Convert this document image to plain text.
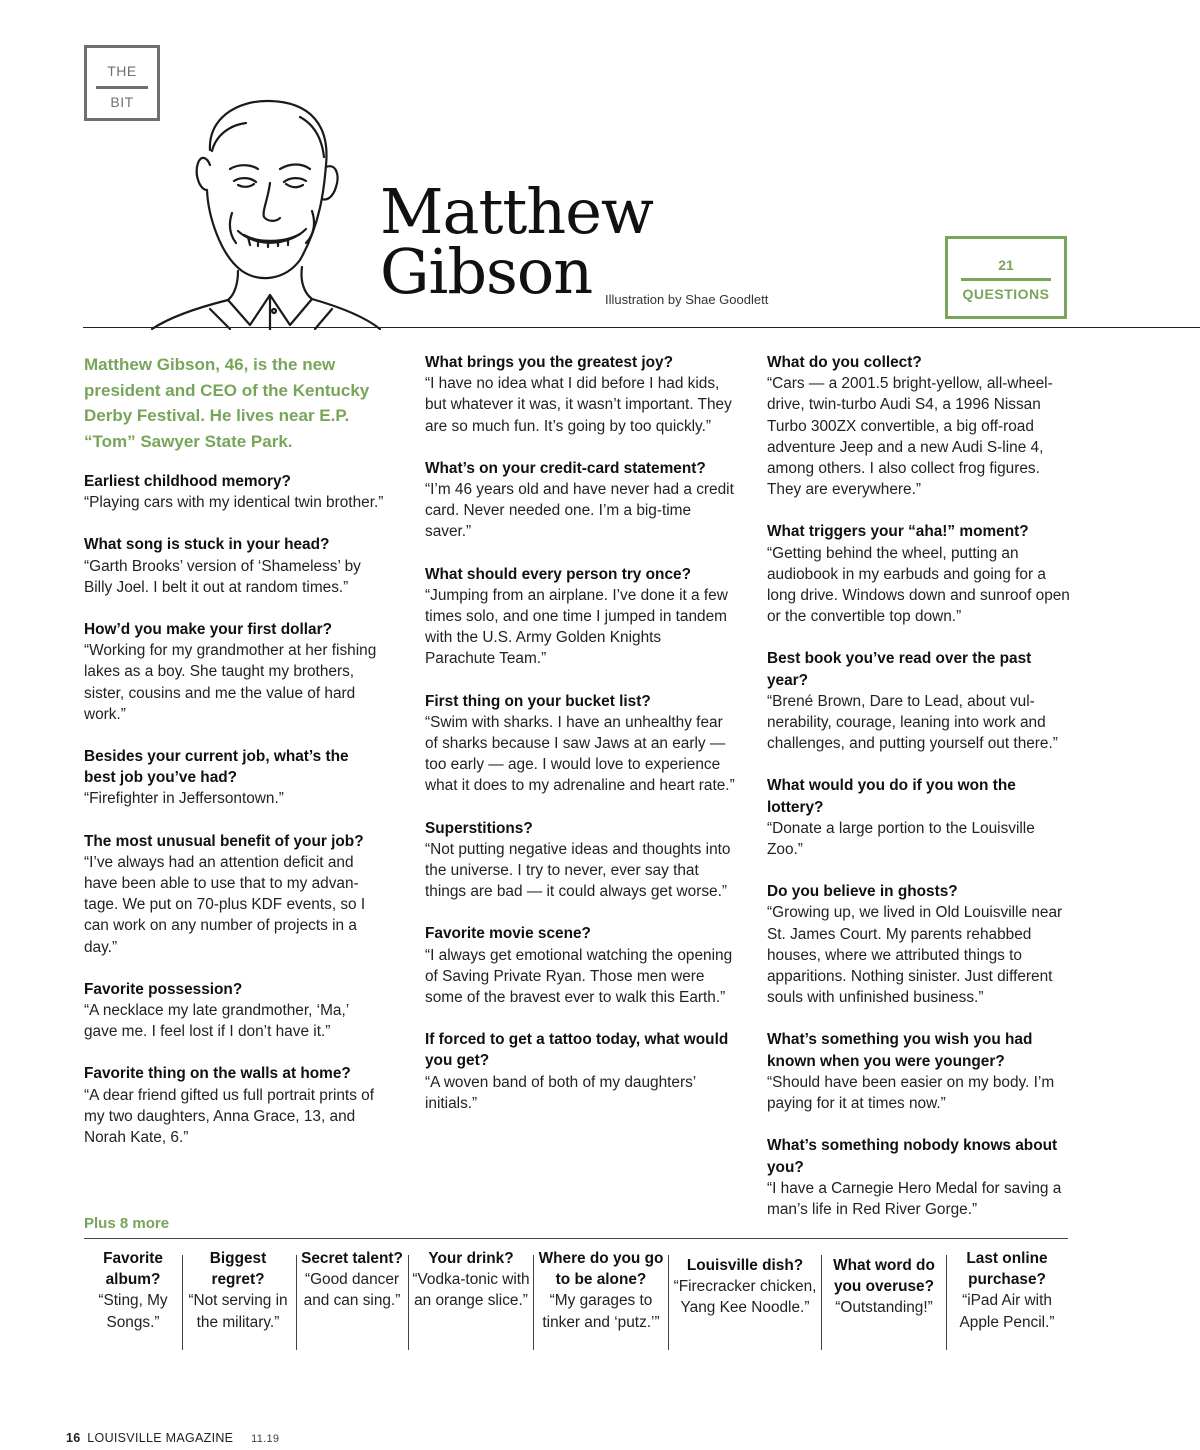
THE
BIT
Matthew
Gibson Illustration by Shae Goodlett
21
QUESTIONS

Matthew Gibson, 46, is the new president and CEO of the Kentucky Derby Festival. He lives near E.P. “Tom” Sawyer State Park.

Earliest childhood memory?
“Playing cars with my identical twin brother.”
What song is stuck in your head?
“Garth Brooks’ version of ‘Shameless’ by Billy Joel. I belt it out at random times.”
How’d you make your first dollar?
“Working for my grandmother at her fishing lakes as a boy. She taught my brothers, sister, cousins and me the value of hard work.”
Besides your current job, what’s the best job you’ve had?
“Firefighter in Jeffersontown.”
The most unusual benefit of your job?
“I’ve always had an attention deficit and have been able to use that to my advantage. We put on 70-plus KDF events, so I can work on any number of projects in a day.”
Favorite possession?
“A necklace my late grandmother, ‘Ma,’ gave me. I feel lost if I don’t have it.”
Favorite thing on the walls at home?
“A dear friend gifted us full portrait prints of my two daughters, Anna Grace, 13, and Norah Kate, 6.”
What brings you the greatest joy?
“I have no idea what I did before I had kids, but whatever it was, it wasn’t important. They are so much fun. It’s going by too quickly.”
What’s on your credit-card statement?
“I’m 46 years old and have never had a credit card. Never needed one. I’m a big-time saver.”
What should every person try once?
“Jumping from an airplane. I’ve done it a few times solo, and one time I jumped in tandem with the U.S. Army Golden Knights Parachute Team.”
First thing on your bucket list?
“Swim with sharks. I have an unhealthy fear of sharks because I saw Jaws at an early — too early — age. I would love to experience what it does to my adrenaline and heart rate.”
Superstitions?
“Not putting negative ideas and thoughts into the universe. I try to never, ever say that things are bad — it could always get worse.”
Favorite movie scene?
“I always get emotional watching the opening of Saving Private Ryan. Those men were some of the bravest ever to walk this Earth.”
If forced to get a tattoo today, what would you get?
“A woven band of both of my daughters’ initials.”
What do you collect?
“Cars — a 2001.5 bright-yellow, all-wheel-drive, twin-turbo Audi S4, a 1996 Nissan Turbo 300ZX convertible, a big off-road adventure Jeep and a new Audi S-line 4, among others. I also collect frog figures. They are everywhere.”
What triggers your “aha!” moment?
“Getting behind the wheel, putting an audiobook in my earbuds and going for a long drive. Windows down and sunroof open or the convertible top down.”
Best book you’ve read over the past year?
“Brené Brown, Dare to Lead, about vulnerability, courage, leaning into work and challenges, and putting yourself out there.”
What would you do if you won the lottery?
“Donate a large portion to the Louisville Zoo.”
Do you believe in ghosts?
“Growing up, we lived in Old Louisville near St. James Court. My parents rehabbed houses, where we attributed things to apparitions. Nothing sinister. Just different souls with unfinished business.”
What’s something you wish you had known when you were younger?
“Should have been easier on my body. I’m paying for it at times now.”
What’s something nobody knows about you?
“I have a Carnegie Hero Medal for saving a man’s life in Red River Gorge.”
Plus 8 more
Favorite album?
“Sting, My Songs.”
Biggest regret?
“Not serving in the military.”
Secret talent?
“Good dancer and can sing.”
Your drink?
“Vodka-tonic with an orange slice.”
Where do you go to be alone?
“My garages to tinker and ‘putz.’”
Louisville dish?
“Firecracker chicken, Yang Kee Noodle.”
What word do you overuse?
“Outstanding!”
Last online purchase?
“iPad Air with Apple Pencil.”
16 LOUISVILLE MAGAZINE 11.19
